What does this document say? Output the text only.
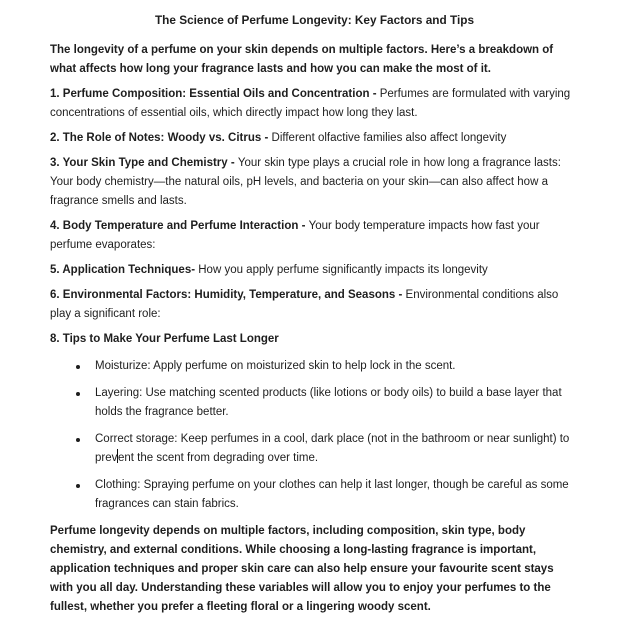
The Science of Perfume Longevity: Key Factors and Tips

The longevity of a perfume on your skin depends on multiple factors. Here’s a breakdown of what affects how long your fragrance lasts and how you can make the most of it.

1. Perfume Composition: Essential Oils and Concentration - Perfumes are formulated with varying concentrations of essential oils, which directly impact how long they last.

2. The Role of Notes: Woody vs. Citrus - Different olfactive families also affect longevity

3. Your Skin Type and Chemistry - Your skin type plays a crucial role in how long a fragrance lasts: Your body chemistry—the natural oils, pH levels, and bacteria on your skin—can also affect how a fragrance smells and lasts.

4. Body Temperature and Perfume Interaction - Your body temperature impacts how fast your perfume evaporates:

5. Application Techniques- How you apply perfume significantly impacts its longevity

6. Environmental Factors: Humidity, Temperature, and Seasons - Environmental conditions also play a significant role:

8. Tips to Make Your Perfume Last Longer

Moisturize: Apply perfume on moisturized skin to help lock in the scent.
Layering: Use matching scented products (like lotions or body oils) to build a base layer that holds the fragrance better.
Correct storage: Keep perfumes in a cool, dark place (not in the bathroom or near sunlight) to prevent the scent from degrading over time.
Clothing: Spraying perfume on your clothes can help it last longer, though be careful as some fragrances can stain fabrics.

Perfume longevity depends on multiple factors, including composition, skin type, body chemistry, and external conditions. While choosing a long-lasting fragrance is important, application techniques and proper skin care can also help ensure your favourite scent stays with you all day. Understanding these variables will allow you to enjoy your perfumes to the fullest, whether you prefer a fleeting floral or a lingering woody scent.
